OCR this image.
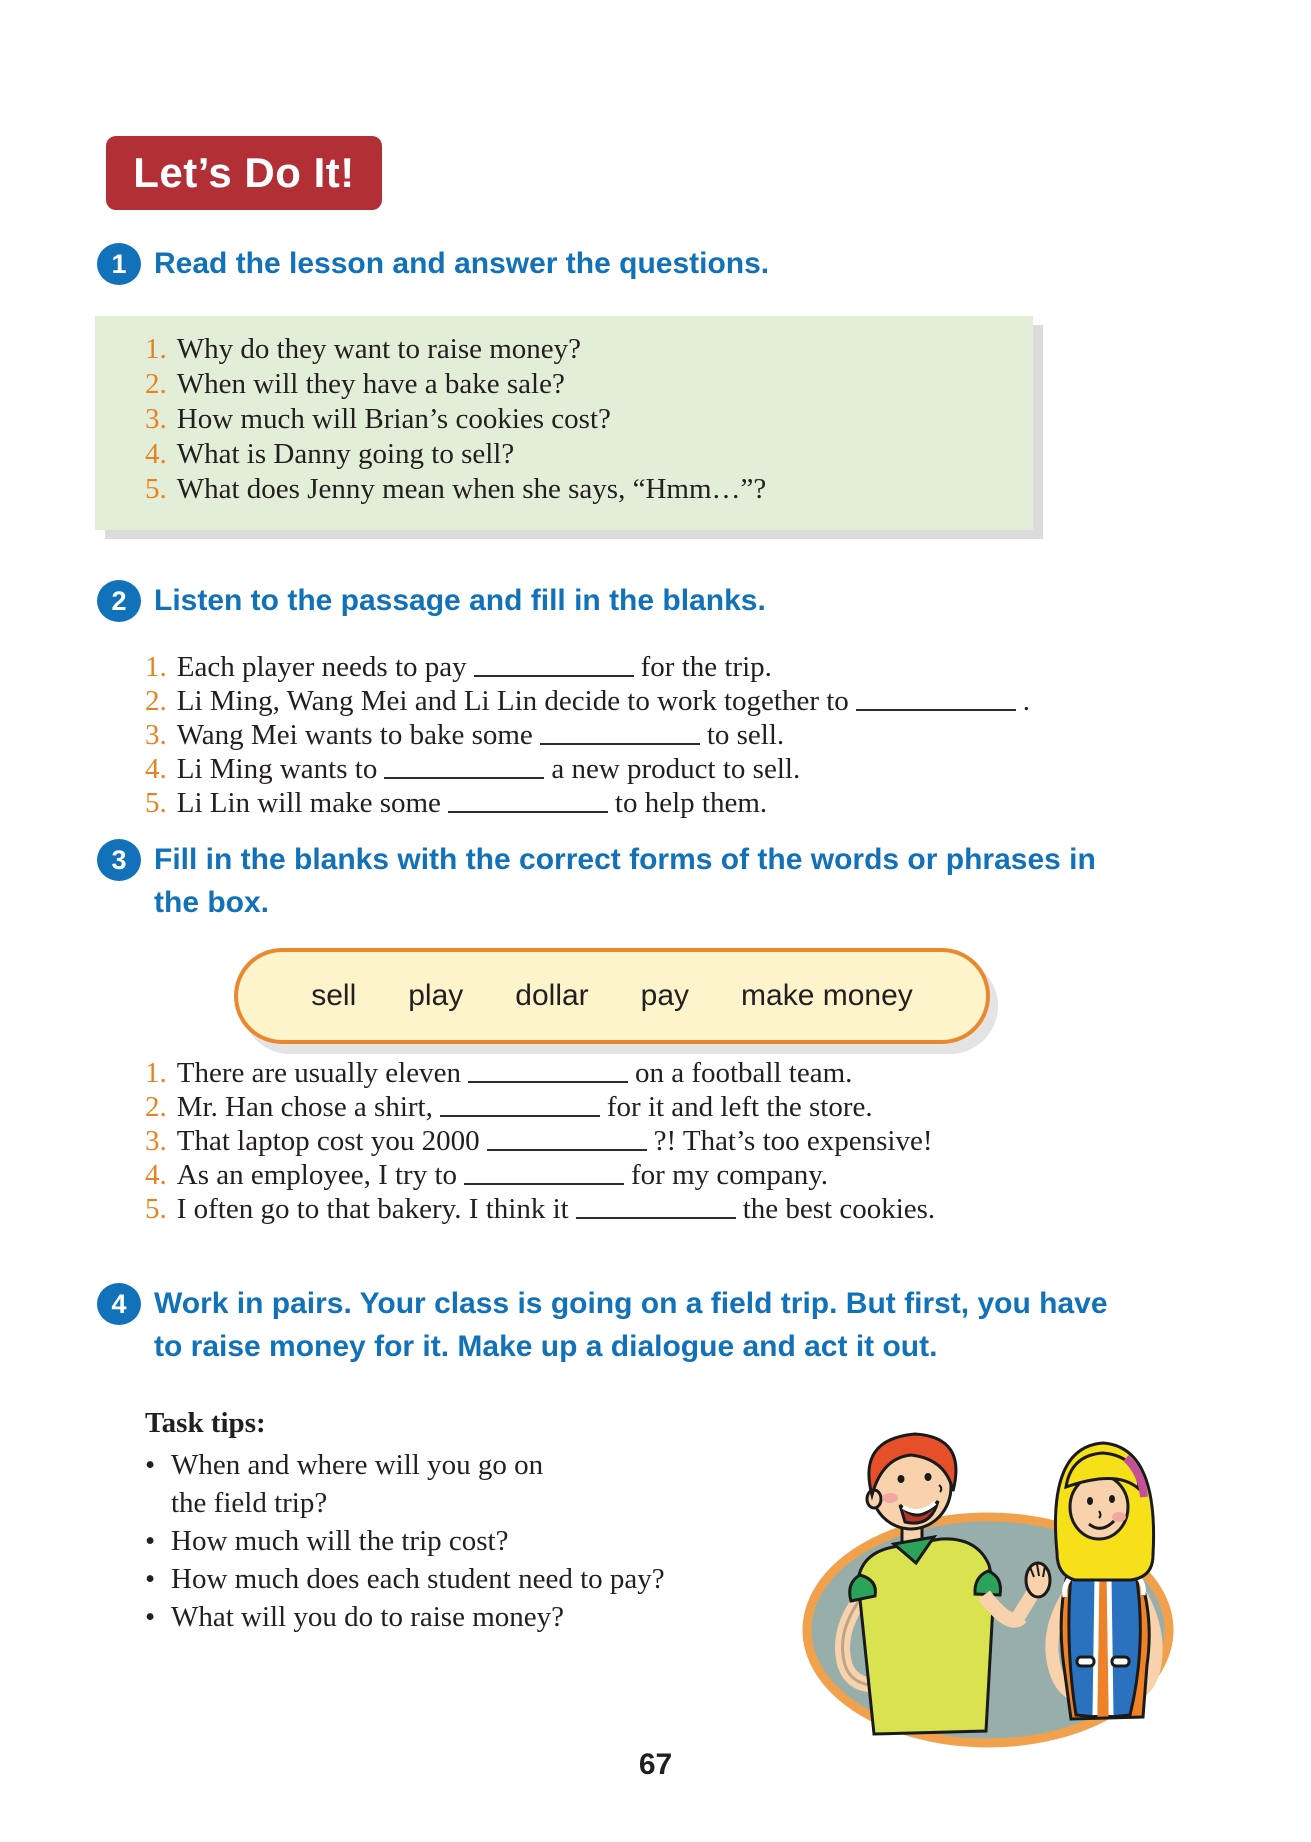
Let’s Do It!
1 Read the lesson and answer the questions.
1. Why do they want to raise money?
2. When will they have a bake sale?
3. How much will Brian’s cookies cost?
4. What is Danny going to sell?
5. What does Jenny mean when she says, “Hmm…”?
2 Listen to the passage and fill in the blanks.
1. Each player needs to pay	for the trip.
2. Li Ming, Wang Mei and Li Lin decide to work together to	.
3. Wang Mei wants to bake some	to sell.
4. Li Ming wants to	a new product to sell.
5. Li Lin will make some	to help them.
3 Fill in the blanks with the correct forms of the words or phrases in
the box.
sell play dollar pay make money
1. There are usually eleven	on a football team.
2. Mr. Han chose a shirt,	for it and left the store.
3. That laptop cost you 2000	?! That’s too expensive!
4. As an employee, I try to	for my company.
5. I often go to that bakery. I think it	the best cookies.
4 Work in pairs. Your class is going on a field trip. But first, you have
to raise money for it. Make up a dialogue and act it out.
Task tips:
• When and where will you go on
the field trip?
• How much will the trip cost?
• How much does each student need to pay?
• What will you do to raise money?
67
